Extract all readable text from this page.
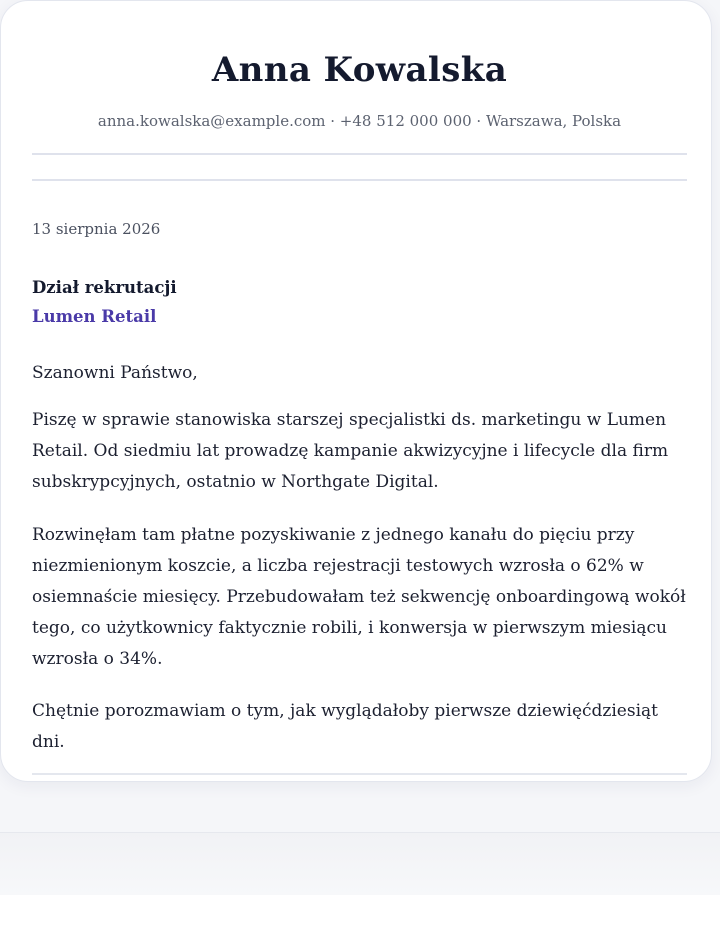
Anna Kowalska
anna.kowalska@example.com · +48 512 000 000 · Warszawa, Polska
13 sierpnia 2026
Dział rekrutacji
Lumen Retail
Szanowni Państwo,

Piszę w sprawie stanowiska starszej specjalistki ds. marketingu w Lumen Retail. Od siedmiu lat prowadzę kampanie akwizycyjne i lifecycle dla firm subskrypcyjnych, ostatnio w Northgate Digital.

Rozwinęłam tam płatne pozyskiwanie z jednego kanału do pięciu przy niezmienionym koszcie, a liczba rejestracji testowych wzrosła o 62% w osiemnaście miesięcy. Przebudowałam też sekwencję onboardingową wokół tego, co użytkownicy faktycznie robili, i konwersja w pierwszym miesiącu wzrosła o 34%.

Chętnie porozmawiam o tym, jak wyglądałoby pierwsze dziewięćdziesiąt dni.
